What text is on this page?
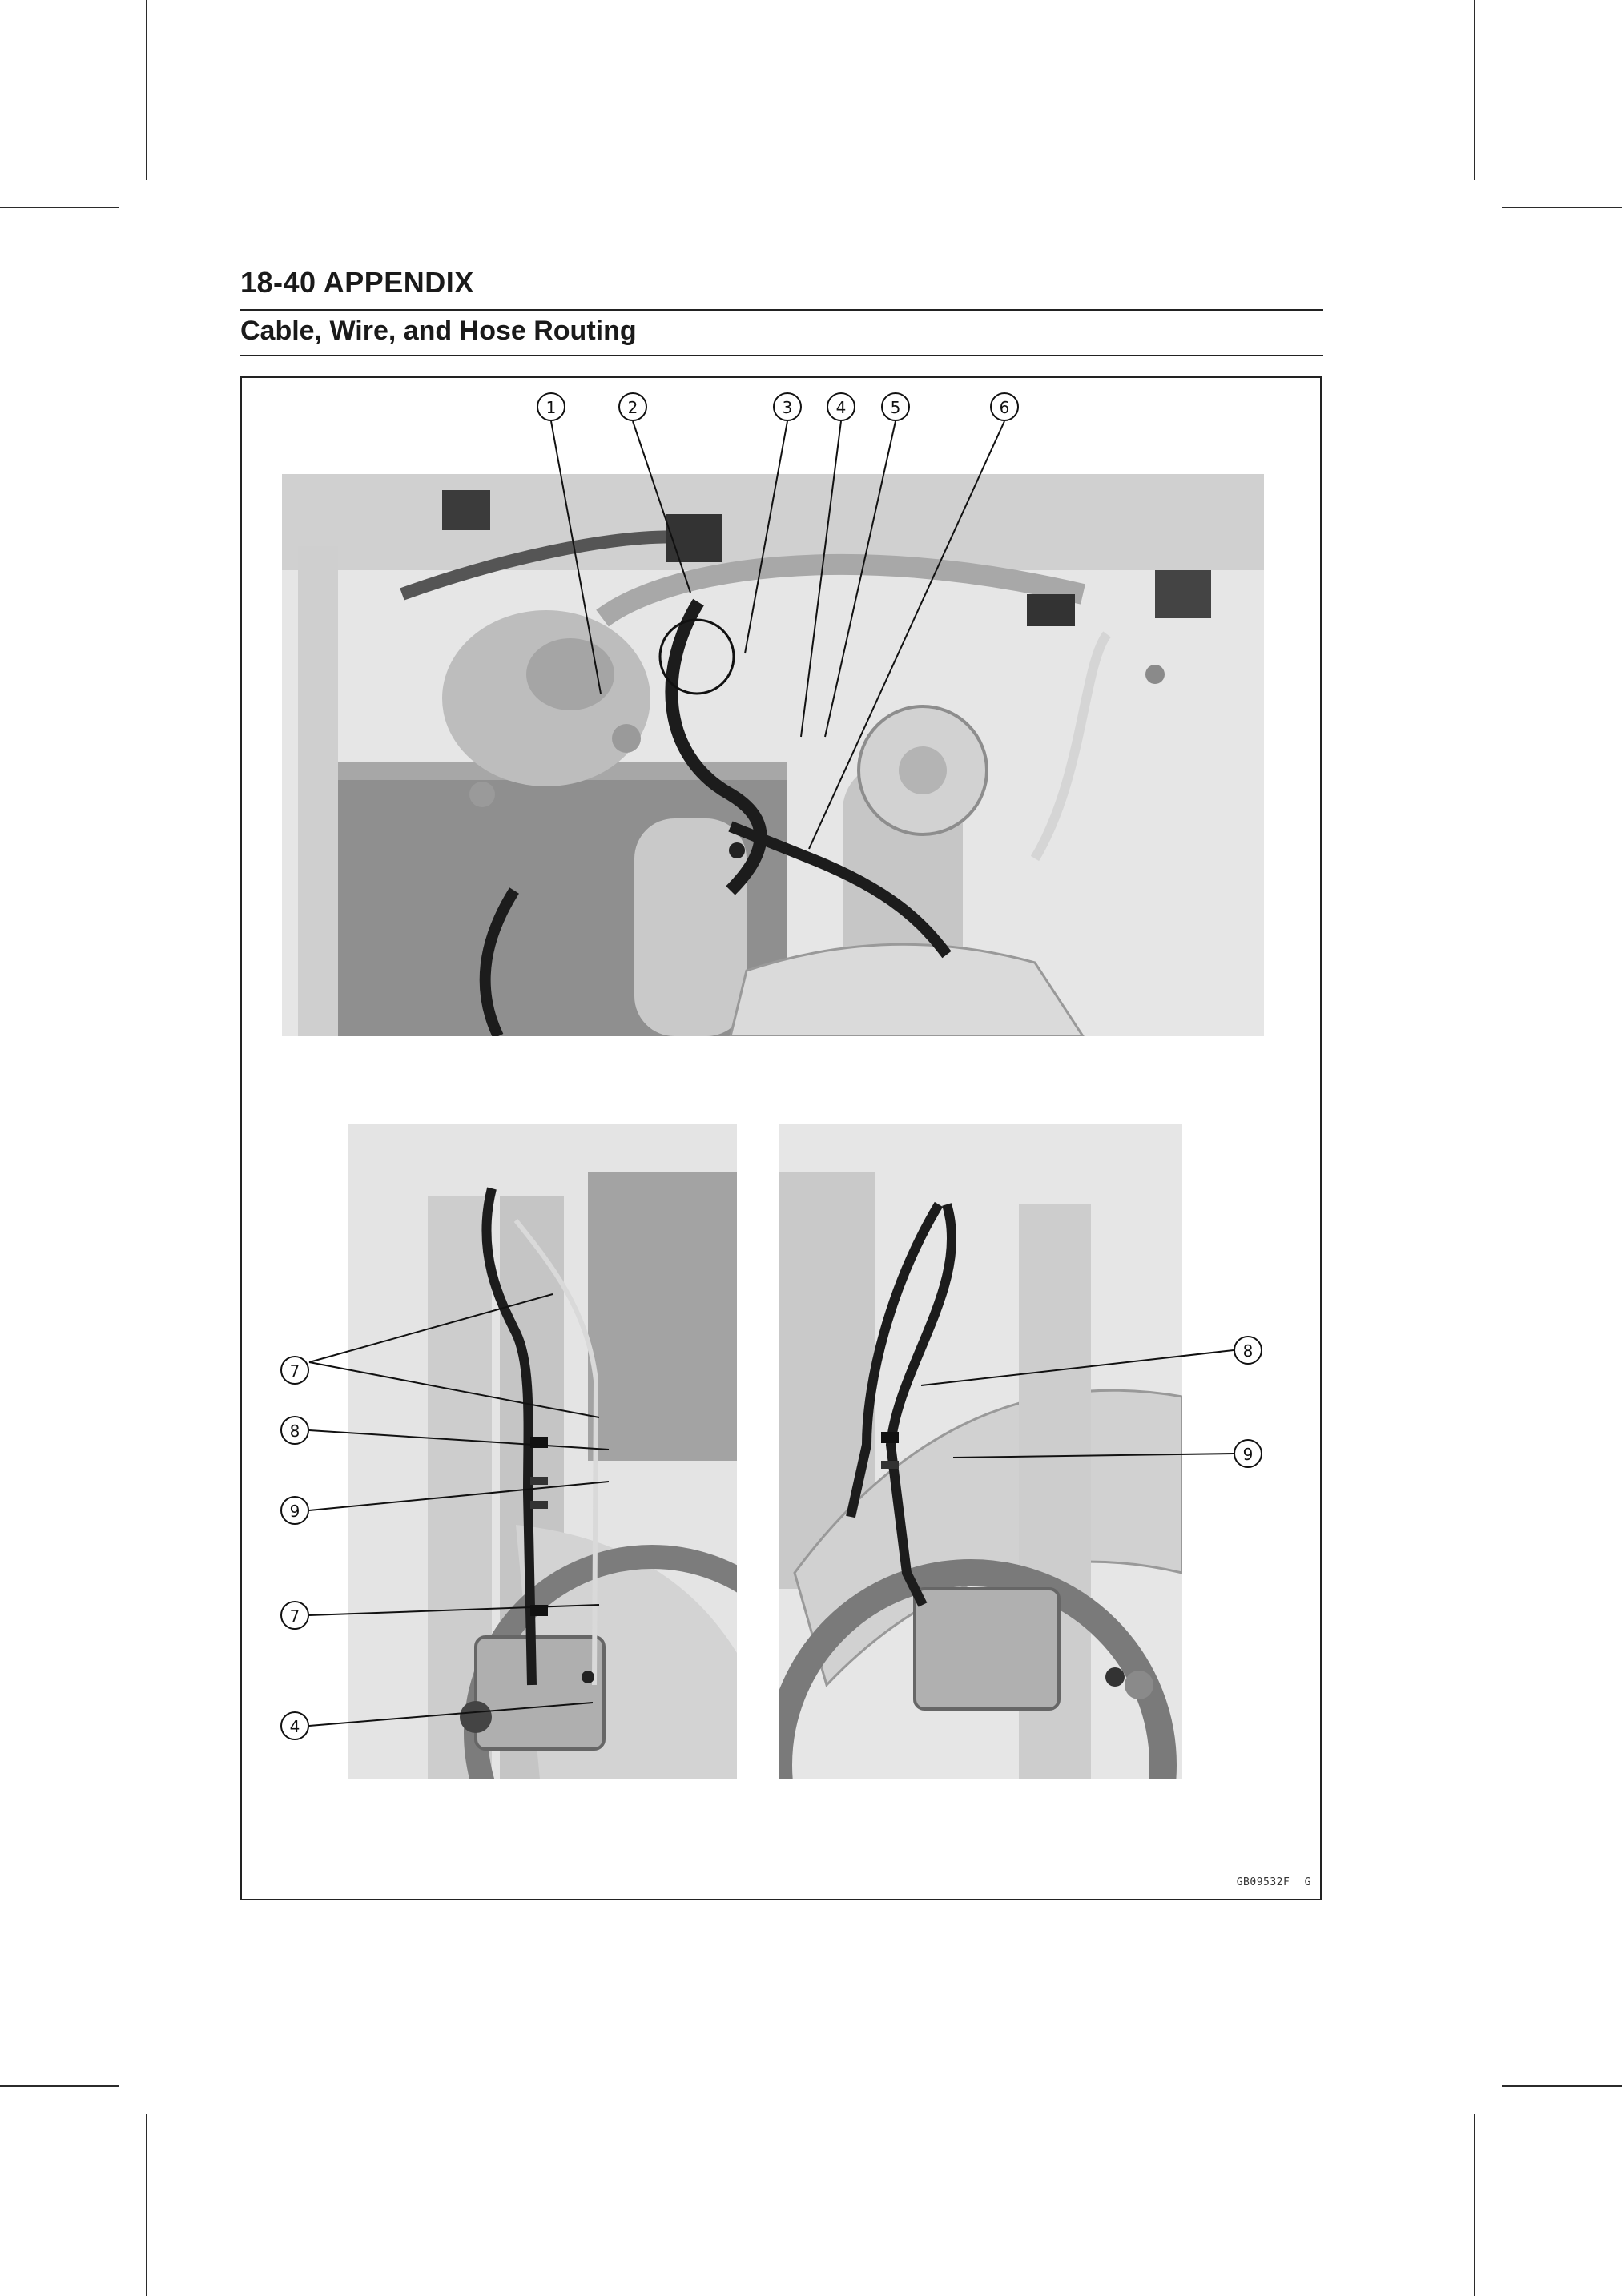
18-40 APPENDIX
Cable, Wire, and Hose Routing
1	2	3	4	5	6
7
8
9
7
4
8
9
GB09532F G
